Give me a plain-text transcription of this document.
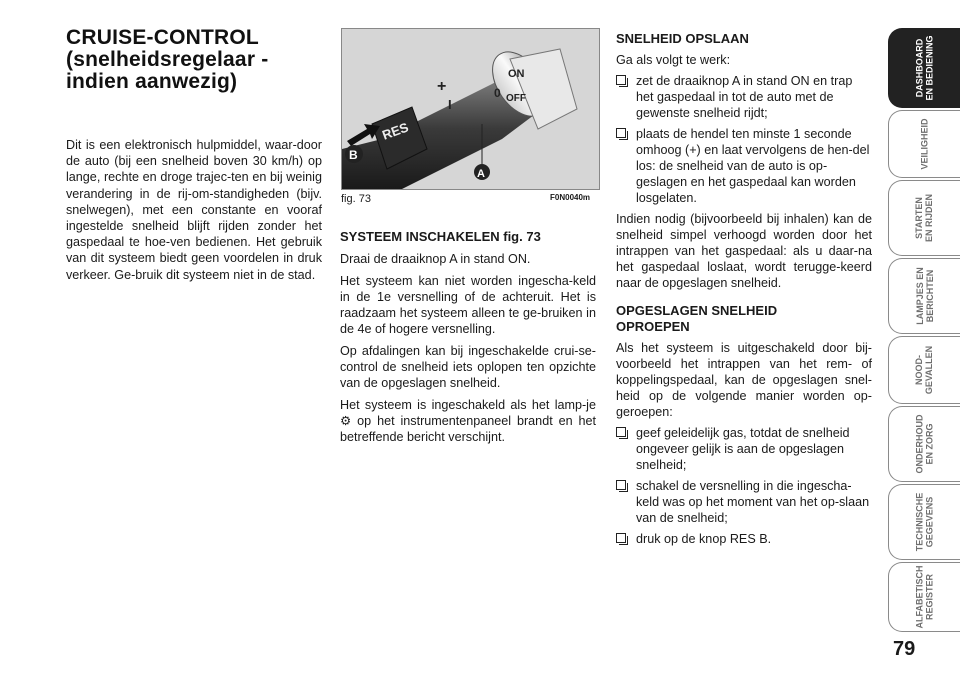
CRUISE-CONTROL
(snelheidsregelaar -
indien aanwezig)

Dit is een elektronisch hulpmiddel, waar-door de auto (bij een snelheid boven 30 km/h) op lange, rechte en droge trajec-ten en bij weinig verandering in de rij-om-standigheden (bijv. snelwegen), met een constante en vooraf ingestelde snelheid blijft rijden zonder het gaspedaal te hoe-ven bedienen. Het gebruik van dit systeem biedt geen voordelen in druk verkeer. Ge-bruik dit systeem niet in de stad.

RES
ON
0 OFF
+
I
A
B
fig. 73	F0N0040m

SYSTEEM INSCHAKELEN fig. 73

Draai de draaiknop A in stand ON.

Het systeem kan niet worden ingescha-keld in de 1e versnelling of de achteruit. Het is raadzaam het systeem alleen te ge-bruiken in de 4e of hogere versnelling.

Op afdalingen kan bij ingeschakelde crui-se-control de snelheid iets oplopen ten opzichte van de opgeslagen snelheid.

Het systeem is ingeschakeld als het lamp-je ⚙ op het instrumentenpaneel brandt en het betreffende bericht verschijnt.

SNELHEID OPSLAAN

Ga als volgt te werk:

zet de draaiknop A in stand ON en trap het gaspedaal in tot de auto met de gewenste snelheid rijdt;

plaats de hendel ten minste 1 seconde omhoog (+) en laat vervolgens de hen-del los: de snelheid van de auto is op-geslagen en het gaspedaal kan worden losgelaten.

Indien nodig (bijvoorbeeld bij inhalen) kan de snelheid simpel verhoogd worden door het intrappen van het gaspedaal: als u daar-na het gaspedaal loslaat, wordt terugge-keerd naar de opgeslagen snelheid.

OPGESLAGEN SNELHEID OPROEPEN

Als het systeem is uitgeschakeld door bij-voorbeeld het intrappen van het rem- of koppelingspedaal, kan de opgeslagen snel-heid op de volgende manier worden op-geroepen:

geef geleidelijk gas, totdat de snelheid ongeveer gelijk is aan de opgeslagen snelheid;

schakel de versnelling in die ingescha-keld was op het moment van het op-slaan van de snelheid;

druk op de knop RES B.

DASHBOARD
EN BEDIENING
VEILIGHEID
STARTEN
EN RIJDEN
LAMPJES EN
BERICHTEN
NOOD-
GEVALLEN
ONDERHOUD
EN ZORG
TECHNISCHE
GEGEVENS
ALFABETISCH
REGISTER
79
